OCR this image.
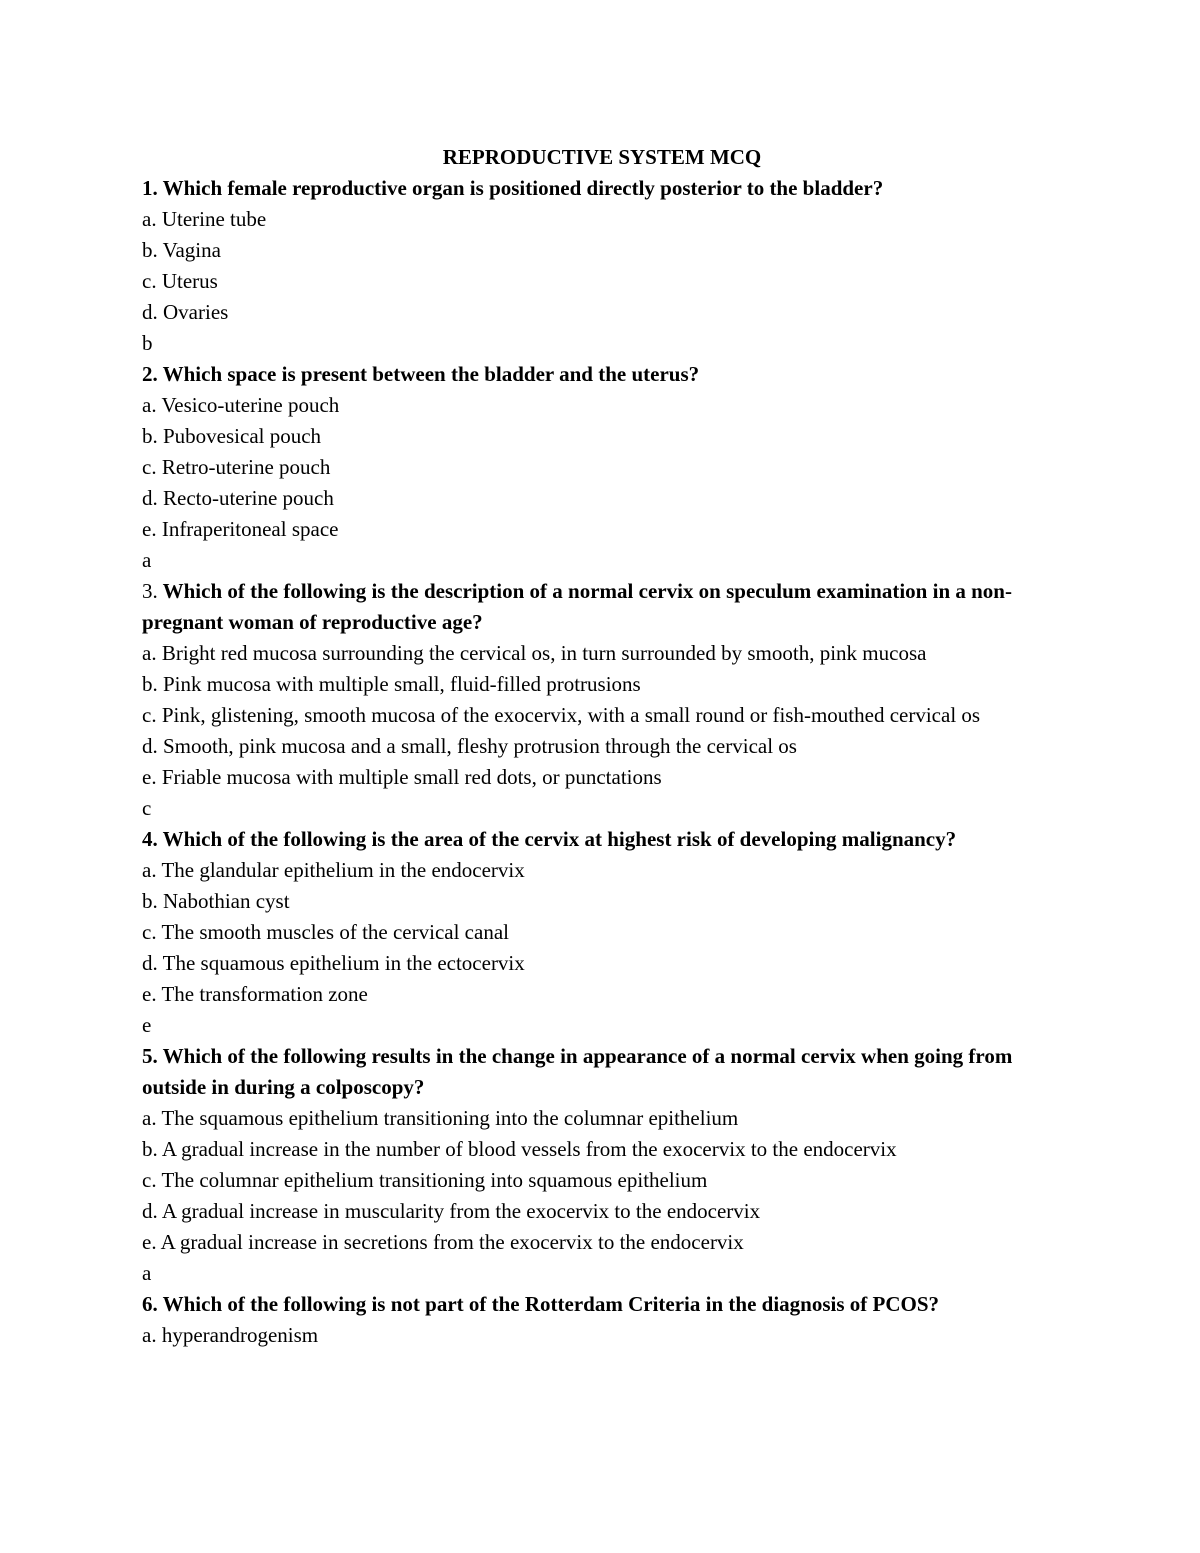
REPRODUCTIVE SYSTEM MCQ

1. Which female reproductive organ is positioned directly posterior to the bladder?

a. Uterine tube

b. Vagina

c. Uterus

d. Ovaries

b

2. Which space is present between the bladder and the uterus?

a. Vesico-uterine pouch

b. Pubovesical pouch

c. Retro-uterine pouch

d. Recto-uterine pouch

e. Infraperitoneal space

a

3. Which of the following is the description of a normal cervix on speculum examination in a non-pregnant woman of reproductive age?

a. Bright red mucosa surrounding the cervical os, in turn surrounded by smooth, pink mucosa

b. Pink mucosa with multiple small, fluid-filled protrusions

c. Pink, glistening, smooth mucosa of the exocervix, with a small round or fish-mouthed cervical os

d. Smooth, pink mucosa and a small, fleshy protrusion through the cervical os

e. Friable mucosa with multiple small red dots, or punctations

c

4. Which of the following is the area of the cervix at highest risk of developing malignancy?

a. The glandular epithelium in the endocervix

b. Nabothian cyst

c. The smooth muscles of the cervical canal

d. The squamous epithelium in the ectocervix

e. The transformation zone

e

5. Which of the following results in the change in appearance of a normal cervix when going from outside in during a colposcopy?

a. The squamous epithelium transitioning into the columnar epithelium

b. A gradual increase in the number of blood vessels from the exocervix to the endocervix

c. The columnar epithelium transitioning into squamous epithelium

d. A gradual increase in muscularity from the exocervix to the endocervix

e. A gradual increase in secretions from the exocervix to the endocervix

a

6. Which of the following is not part of the Rotterdam Criteria in the diagnosis of PCOS?

a. hyperandrogenism
